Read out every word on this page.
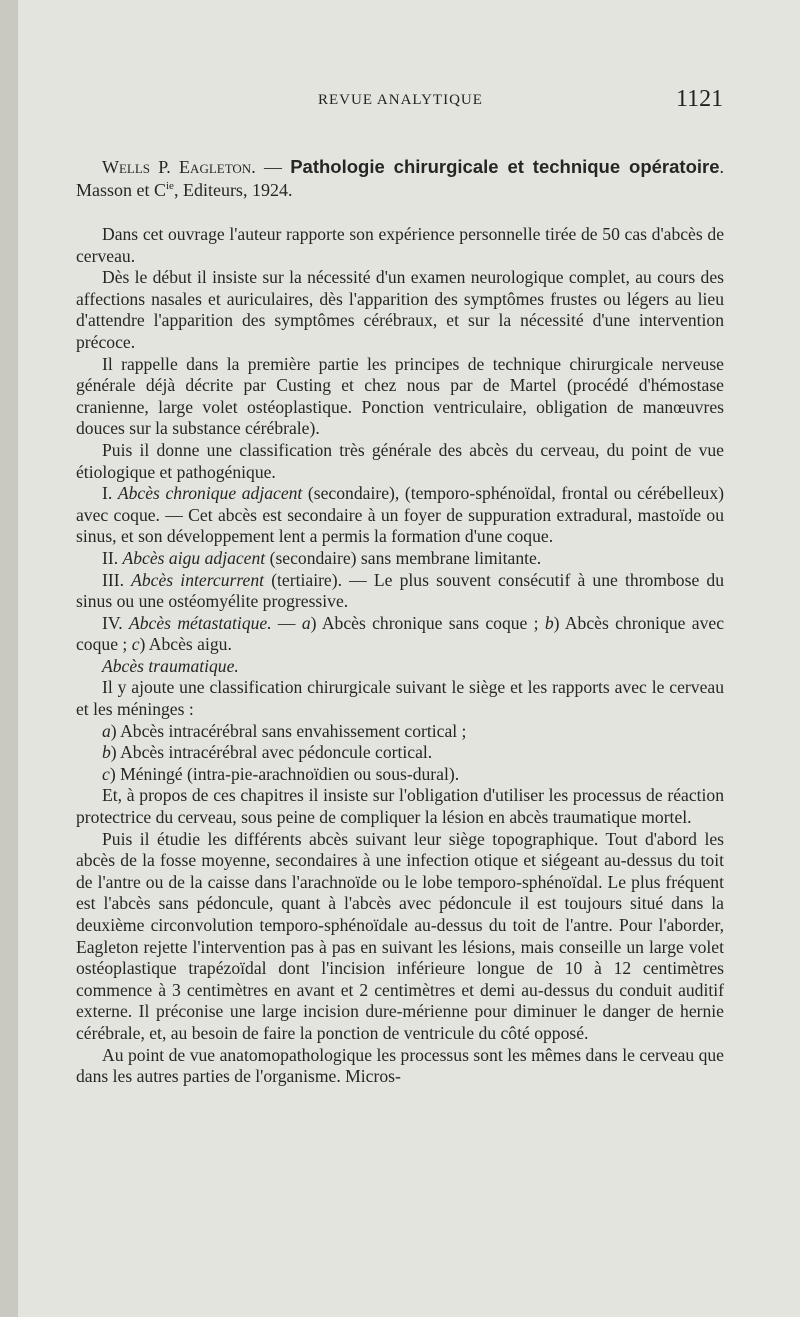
REVUE ANALYTIQUE	1121

Wells P. Eagleton. — Pathologie chirurgicale et technique opératoire. Masson et $C^{ie}$, Editeurs, 1924.

Dans cet ouvrage l'auteur rapporte son expérience personnelle tirée de 50 cas d'abcès de cerveau.

Dès le début il insiste sur la nécessité d'un examen neurologique complet, au cours des affections nasales et auriculaires, dès l'apparition des symptômes frustes ou légers au lieu d'attendre l'apparition des symptômes cérébraux, et sur la nécessité d'une intervention précoce.

Il rappelle dans la première partie les principes de technique chirurgicale nerveuse générale déjà décrite par Custing et chez nous par de Martel (procédé d'hémostase cranienne, large volet ostéoplastique. Ponction ventriculaire, obligation de manœuvres douces sur la substance cérébrale).

Puis il donne une classification très générale des abcès du cerveau, du point de vue étiologique et pathogénique.

I. Abcès chronique adjacent (secondaire), (temporo-sphénoïdal, frontal ou cérébelleux) avec coque. — Cet abcès est secondaire à un foyer de suppuration extradural, mastoïde ou sinus, et son développement lent a permis la formation d'une coque.

II. Abcès aigu adjacent (secondaire) sans membrane limitante.

III. Abcès intercurrent (tertiaire). — Le plus souvent consécutif à une thrombose du sinus ou une ostéomyélite progressive.

IV. Abcès métastatique. — a) Abcès chronique sans coque ; b) Abcès chronique avec coque ; c) Abcès aigu.

Abcès traumatique.

Il y ajoute une classification chirurgicale suivant le siège et les rapports avec le cerveau et les méninges :

a) Abcès intracérébral sans envahissement cortical ;

b) Abcès intracérébral avec pédoncule cortical.

c) Méningé (intra-pie-arachnoïdien ou sous-dural).

Et, à propos de ces chapitres il insiste sur l'obligation d'utiliser les processus de réaction protectrice du cerveau, sous peine de compliquer la lésion en abcès traumatique mortel.

Puis il étudie les différents abcès suivant leur siège topographique. Tout d'abord les abcès de la fosse moyenne, secondaires à une infection otique et siégeant au-dessus du toit de l'antre ou de la caisse dans l'arachnoïde ou le lobe temporo-sphénoïdal. Le plus fréquent est l'abcès sans pédoncule, quant à l'abcès avec pédoncule il est toujours situé dans la deuxième circonvolution temporo-sphénoïdale au-dessus du toit de l'antre. Pour l'aborder, Eagleton rejette l'intervention pas à pas en suivant les lésions, mais conseille un large volet ostéoplastique trapézoïdal dont l'incision inférieure longue de 10 à 12 centimètres commence à 3 centimètres en avant et 2 centimètres et demi au-dessus du conduit auditif externe. Il préconise une large incision dure-mérienne pour diminuer le danger de hernie cérébrale, et, au besoin de faire la ponction de ventricule du côté opposé.

Au point de vue anatomopathologique les processus sont les mêmes dans le cerveau que dans les autres parties de l'organisme. Micros-
